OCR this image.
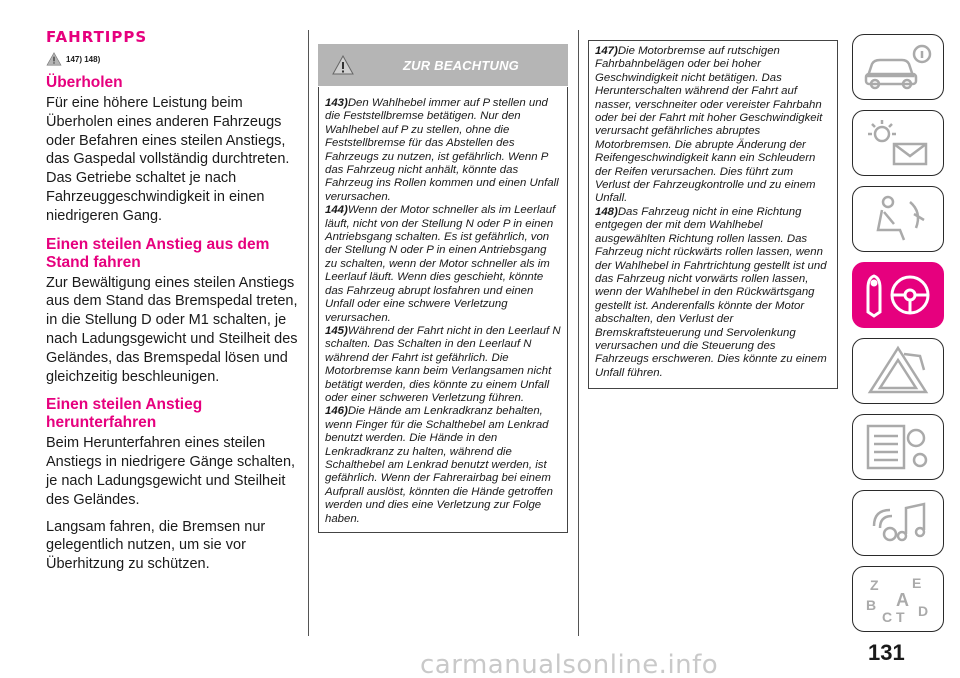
FAHRTIPPS
147) 148)
Überholen

Für eine höhere Leistung beim Überholen eines anderen Fahrzeugs oder Befahren eines steilen Anstiegs, das Gaspedal vollständig durchtreten. Das Getriebe schaltet je nach Fahrzeuggeschwindigkeit in einen niedrigeren Gang.

Einen steilen Anstieg aus dem Stand fahren

Zur Bewältigung eines steilen Anstiegs aus dem Stand das Bremspedal treten, in die Stellung D oder M1 schalten, je nach Ladungsgewicht und Steilheit des Geländes, das Bremspedal lösen und gleichzeitig beschleunigen.

Einen steilen Anstieg herunterfahren

Beim Herunterfahren eines steilen Anstiegs in niedrigere Gänge schalten, je nach Ladungsgewicht und Steilheit des Geländes.

Langsam fahren, die Bremsen nur gelegentlich nutzen, um sie vor Überhitzung zu schützen.

ZUR BEACHTUNG

143)Den Wahlhebel immer auf P stellen und die Feststellbremse betätigen. Nur den Wahlhebel auf P zu stellen, ohne die Feststellbremse für das Abstellen des Fahrzeugs zu nutzen, ist gefährlich. Wenn P das Fahrzeug nicht anhält, könnte das Fahrzeug ins Rollen kommen und einen Unfall verursachen.

144)Wenn der Motor schneller als im Leerlauf läuft, nicht von der Stellung N oder P in einen Antriebsgang schalten. Es ist gefährlich, von der Stellung N oder P in einen Antriebsgang zu schalten, wenn der Motor schneller als im Leerlauf läuft. Wenn dies geschieht, könnte das Fahrzeug abrupt losfahren und einen Unfall oder eine schwere Verletzung verursachen.

145)Während der Fahrt nicht in den Leerlauf N schalten. Das Schalten in den Leerlauf N während der Fahrt ist gefährlich. Die Motorbremse kann beim Verlangsamen nicht betätigt werden, dies könnte zu einem Unfall oder einer schweren Verletzung führen.

146)Die Hände am Lenkradkranz behalten, wenn Finger für die Schalthebel am Lenkrad benutzt werden. Die Hände in den Lenkradkranz zu halten, während die Schalthebel am Lenkrad benutzt werden, ist gefährlich. Wenn der Fahrerairbag bei einem Aufprall auslöst, könnten die Hände getroffen werden und dies eine Verletzung zur Folge haben.

147)Die Motorbremse auf rutschigen Fahrbahnbelägen oder bei hoher Geschwindigkeit nicht betätigen. Das Herunterschalten während der Fahrt auf nasser, verschneiter oder vereister Fahrbahn oder bei der Fahrt mit hoher Geschwindigkeit verursacht gefährliches abruptes Motorbremsen. Die abrupte Änderung der Reifengeschwindigkeit kann ein Schleudern der Reifen verursachen. Dies führt zum Verlust der Fahrzeugkontrolle und zu einem Unfall.

148)Das Fahrzeug nicht in eine Richtung entgegen der mit dem Wahlhebel ausgewählten Richtung rollen lassen. Das Fahrzeug nicht rückwärts rollen lassen, wenn der Wahlhebel in Fahrtrichtung gestellt ist und das Fahrzeug nicht vorwärts rollen lassen, wenn der Wahlhebel in den Rückwärtsgang gestellt ist. Anderenfalls könnte der Motor abschalten, den Verlust der Bremskraftsteuerung und Servolenkung verursachen und die Steuerung des Fahrzeugs erschweren. Dies könnte zu einem Unfall führen.

Z E
B A
C T D
131
carmanualsonline.info
